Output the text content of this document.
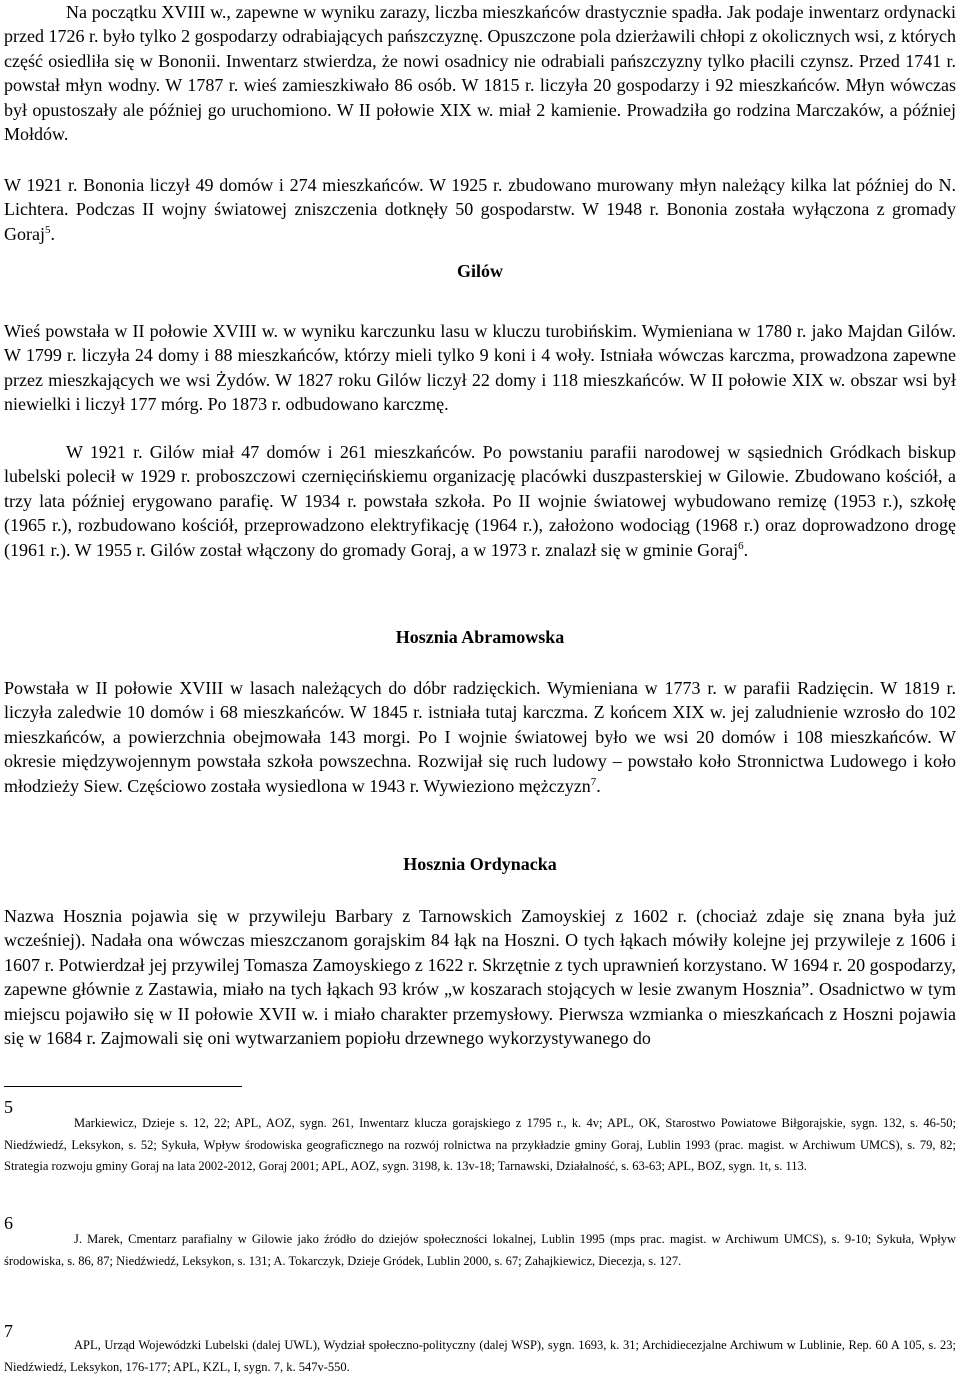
Na początku XVIII w., zapewne w wyniku zarazy, liczba mieszkańców drastycznie spadła. Jak podaje inwentarz ordynacki przed 1726 r. było tylko 2 gospodarzy odrabiających pańszczyznę. Opuszczone pola dzierżawili chłopi z okolicznych wsi, z których część osiedliła się w Bononii. Inwentarz stwierdza, że nowi osadnicy nie odrabiali pańszczyzny tylko płacili czynsz. Przed 1741 r. powstał młyn wodny. W 1787 r. wieś zamieszkiwało 86 osób. W 1815 r. liczyła 20 gospodarzy i 92 mieszkańców. Młyn wówczas był opustoszały ale później go uruchomiono. W II połowie XIX w. miał 2 kamienie. Prowadziła go rodzina Marczaków, a później Mołdów.

W 1921 r. Bononia liczył 49 domów i 274 mieszkańców. W 1925 r. zbudowano murowany młyn należący kilka lat później do N. Lichtera. Podczas II wojny światowej zniszczenia dotknęły 50 gospodarstw. W 1948 r. Bononia została wyłączona z gromady Goraj$^5$.

Gilów

Wieś powstała w II połowie XVIII w. w wyniku karczunku lasu w kluczu turobińskim. Wymieniana w 1780 r. jako Majdan Gilów. W 1799 r. liczyła 24 domy i 88 mieszkańców, którzy mieli tylko 9 koni i 4 woły. Istniała wówczas karczma, prowadzona zapewne przez mieszkających we wsi Żydów. W 1827 roku Gilów liczył 22 domy i 118 mieszkańców. W II połowie XIX w. obszar wsi był niewielki i liczył 177 mórg. Po 1873 r. odbudowano karczmę.

W 1921 r. Gilów miał 47 domów i 261 mieszkańców. Po powstaniu parafii narodowej w sąsiednich Gródkach biskup lubelski polecił w 1929 r. proboszczowi czernięcińskiemu organizację placówki duszpasterskiej w Gilowie. Zbudowano kościół, a trzy lata później erygowano parafię. W 1934 r. powstała szkoła. Po II wojnie światowej wybudowano remizę (1953 r.), szkołę (1965 r.), rozbudowano kościół, przeprowadzono elektryfikację (1964 r.), założono wodociąg (1968 r.) oraz doprowadzono drogę (1961 r.). W 1955 r. Gilów został włączony do gromady Goraj, a w 1973 r. znalazł się w gminie Goraj$^6$.

Hosznia Abramowska

Powstała w II połowie XVIII w lasach należących do dóbr radzięckich. Wymieniana w 1773 r. w parafii Radzięcin. W 1819 r. liczyła zaledwie 10 domów i 68 mieszkańców. W 1845 r. istniała tutaj karczma. Z końcem XIX w. jej zaludnienie wzrosło do 102 mieszkańców, a powierzchnia obejmowała 143 morgi. Po I wojnie światowej było we wsi 20 domów i 108 mieszkańców. W okresie międzywojennym powstała szkoła powszechna. Rozwijał się ruch ludowy – powstało koło Stronnictwa Ludowego i koło młodzieży Siew. Częściowo została wysiedlona w 1943 r. Wywieziono mężczyzn$^7$.

Hosznia Ordynacka

Nazwa Hosznia pojawia się w przywileju Barbary z Tarnowskich Zamoyskiej z 1602 r. (chociaż zdaje się znana była już wcześniej). Nadała ona wówczas mieszczanom gorajskim 84 łąk na Hoszni. O tych łąkach mówiły kolejne jej przywileje z 1606 i 1607 r. Potwierdzał jej przywilej Tomasza Zamoyskiego z 1622 r. Skrzętnie z tych uprawnień korzystano. W 1694 r. 20 gospodarzy, zapewne głównie z Zastawia, miało na tych łąkach 93 krów „w koszarach stojących w lesie zwanym Hosznia”. Osadnictwo w tym miejscu pojawiło się w II połowie XVII w. i miało charakter przemysłowy. Pierwsza wzmianka o mieszkańcach z Hoszni pojawia się w 1684 r. Zajmowali się oni wytwarzaniem popiołu drzewnego wykorzystywanego do

5

Markiewicz, Dzieje s. 12, 22; APL, AOZ, sygn. 261, Inwentarz klucza gorajskiego z 1795 r., k. 4v; APL, OK, Starostwo Powiatowe Biłgorajskie, sygn. 132, s. 46-50; Niedźwiedź, Leksykon, s. 52; Sykuła, Wpływ środowiska geograficznego na rozwój rolnictwa na przykładzie gminy Goraj, Lublin 1993 (prac. magist. w Archiwum UMCS), s. 79, 82; Strategia rozwoju gminy Goraj na lata 2002-2012, Goraj 2001; APL, AOZ, sygn. 3198, k. 13v-18; Tarnawski, Działalność, s. 63-63; APL, BOZ, sygn. 1t, s. 113.

6

J. Marek, Cmentarz parafialny w Gilowie jako źródło do dziejów społeczności lokalnej, Lublin 1995 (mps prac. magist. w Archiwum UMCS), s. 9-10; Sykuła, Wpływ środowiska, s. 86, 87; Niedźwiedź, Leksykon, s. 131; A. Tokarczyk, Dzieje Gródek, Lublin 2000, s. 67; Zahajkiewicz, Diecezja, s. 127.

7

APL, Urząd Wojewódzki Lubelski (dalej UWL), Wydział społeczno-polityczny (dalej WSP), sygn. 1693, k. 31; Archidiecezjalne Archiwum w Lublinie, Rep. 60 A 105, s. 23; Niedźwiedź, Leksykon, 176-177; APL, KZL, I, sygn. 7, k. 547v-550.
